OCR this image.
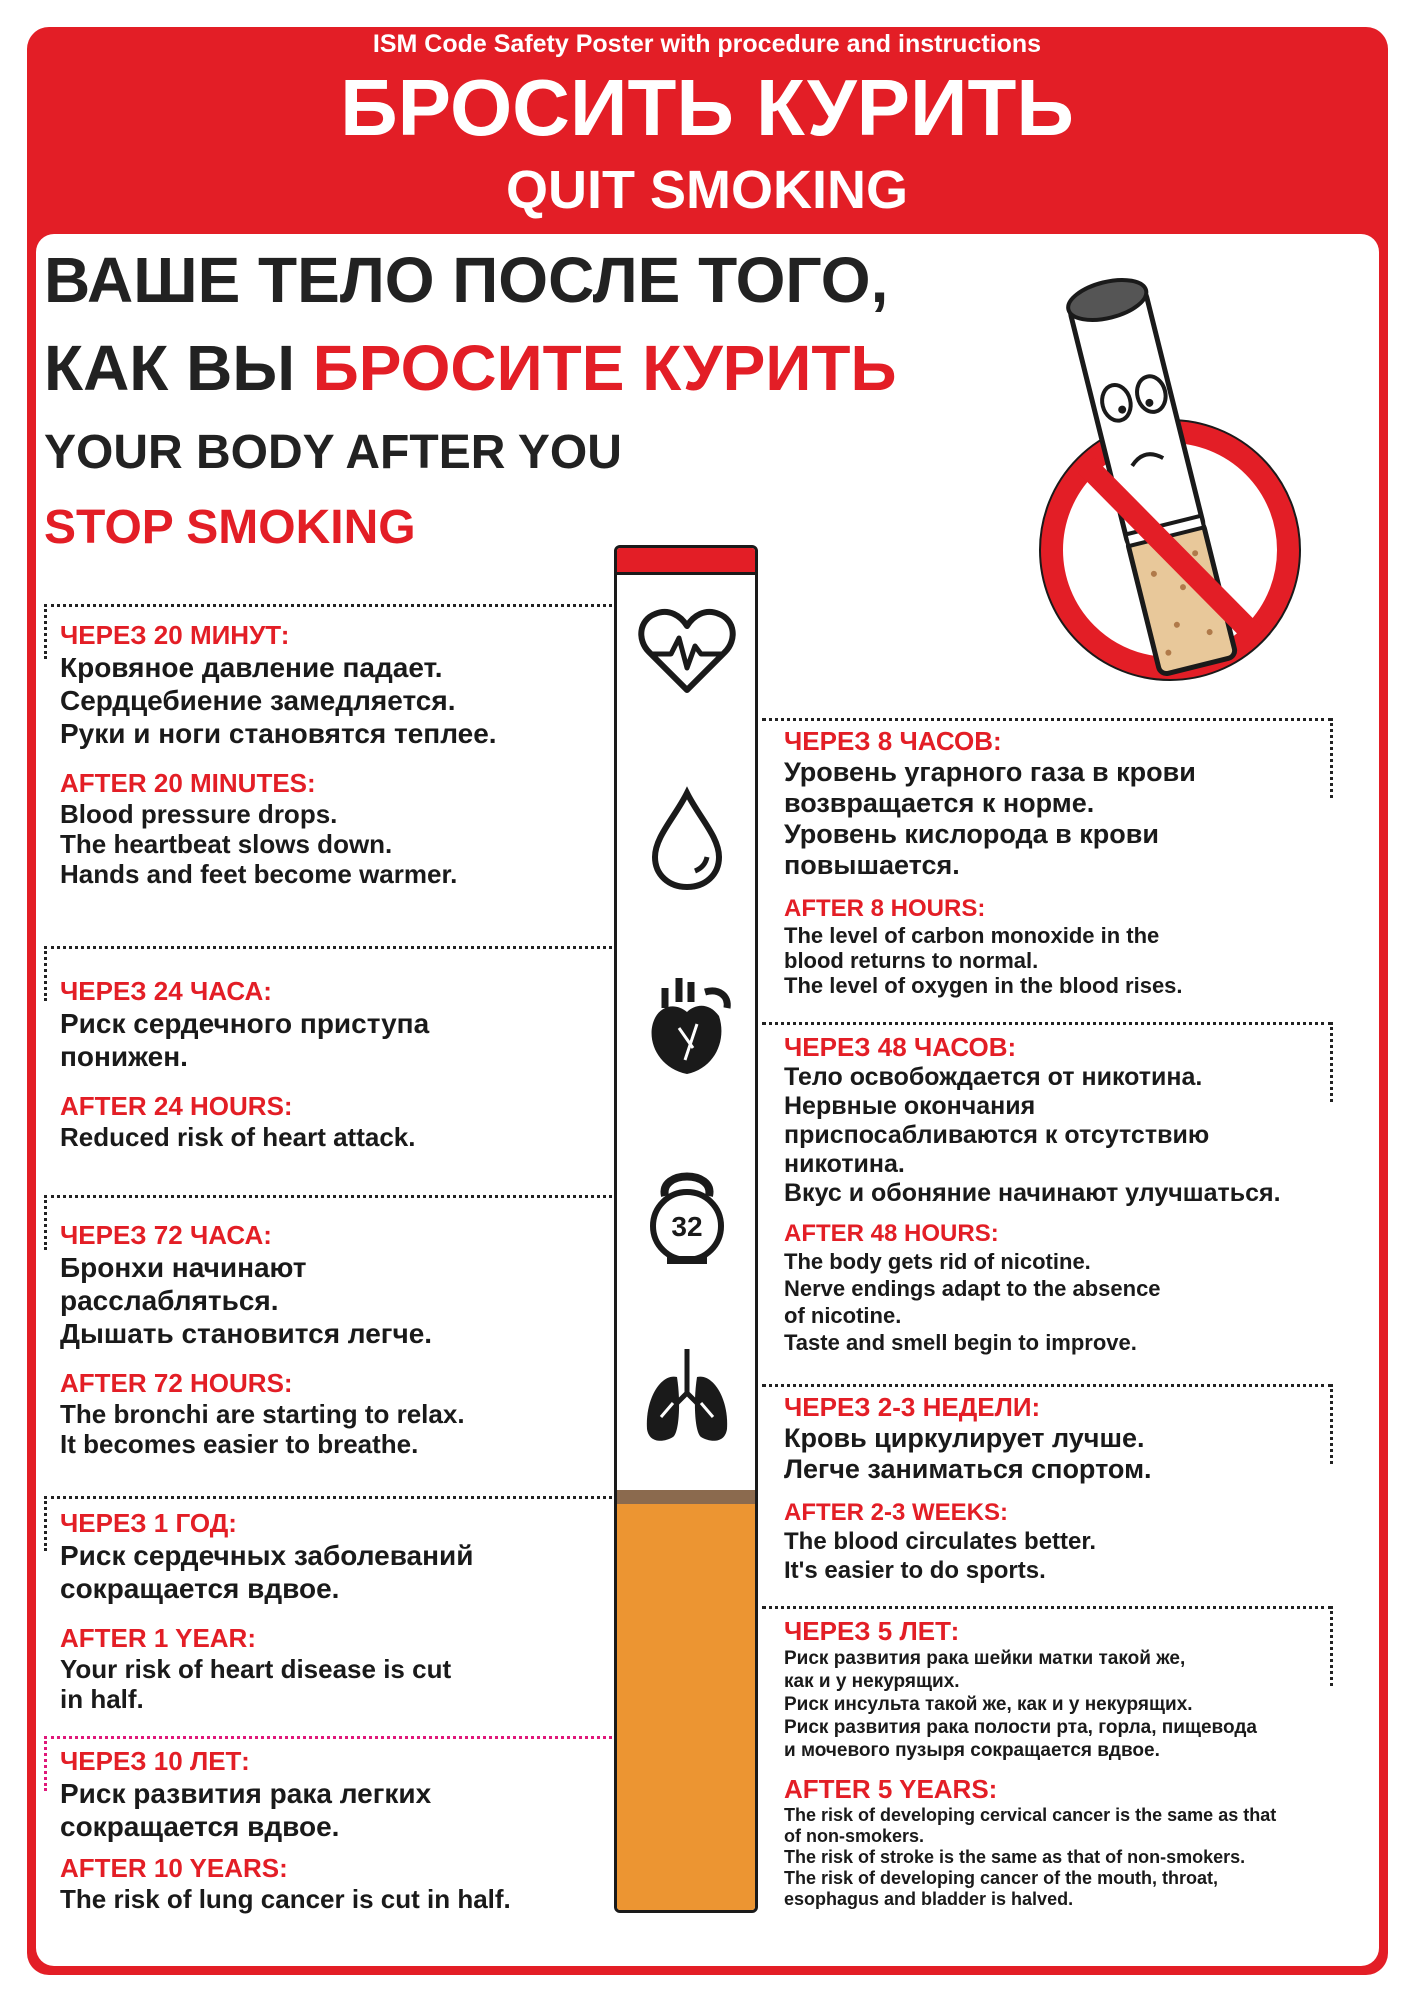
ISM Code Safety Poster with procedure and instructions
БРОСИТЬ КУРИТЬ
QUIT SMOKING
ВАШЕ ТЕЛО ПОСЛЕ ТОГО,
КАК ВЫ БРОСИТЕ КУРИТЬ
YOUR BODY AFTER YOU
STOP SMOKING
32
ЧЕРЕЗ 20 МИНУТ:
Кровяное давление падает.
Сердцебиение замедляется.
Руки и ноги становятся теплее.
AFTER 20 MINUTES:
Blood pressure drops.
The heartbeat slows down.
Hands and feet become warmer.
ЧЕРЕЗ 24 ЧАСА:
Риск сердечного приступа
понижен.
AFTER 24 HOURS:
Reduced risk of heart attack.
ЧЕРЕЗ 72 ЧАСА:
Бронхи начинают
расслабляться.
Дышать становится легче.
AFTER 72 HOURS:
The bronchi are starting to relax.
It becomes easier to breathe.
ЧЕРЕЗ 1 ГОД:
Риск сердечных заболеваний
сокращается вдвое.
AFTER 1 YEAR:
Your risk of heart disease is cut
in half.
ЧЕРЕЗ 10 ЛЕТ:
Риск развития рака легких
сокращается вдвое.
AFTER 10 YEARS:
The risk of lung cancer is cut in half.
ЧЕРЕЗ 8 ЧАСОВ:
Уровень угарного газа в крови
возвращается к норме.
Уровень кислорода в крови
повышается.
AFTER 8 HOURS:
The level of carbon monoxide in the
blood returns to normal.
The level of oxygen in the blood rises.
ЧЕРЕЗ 48 ЧАСОВ:
Тело освобождается от никотина.
Нервные окончания
приспосабливаются к отсутствию
никотина.
Вкус и обоняние начинают улучшаться.
AFTER 48 HOURS:
The body gets rid of nicotine.
Nerve endings adapt to the absence
of nicotine.
Taste and smell begin to improve.
ЧЕРЕЗ 2-3 НЕДЕЛИ:
Кровь циркулирует лучше.
Легче заниматься спортом.
AFTER 2-3 WEEKS:
The blood circulates better.
It's easier to do sports.
ЧЕРЕЗ 5 ЛЕТ:
Риск развития рака шейки матки такой же,
как и у некурящих.
Риск инсульта такой же, как и у некурящих.
Риск развития рака полости рта, горла, пищевода
и мочевого пузыря сокращается вдвое.
AFTER 5 YEARS:
The risk of developing cervical cancer is the same as that
of non-smokers.
The risk of stroke is the same as that of non-smokers.
The risk of developing cancer of the mouth, throat,
esophagus and bladder is halved.
